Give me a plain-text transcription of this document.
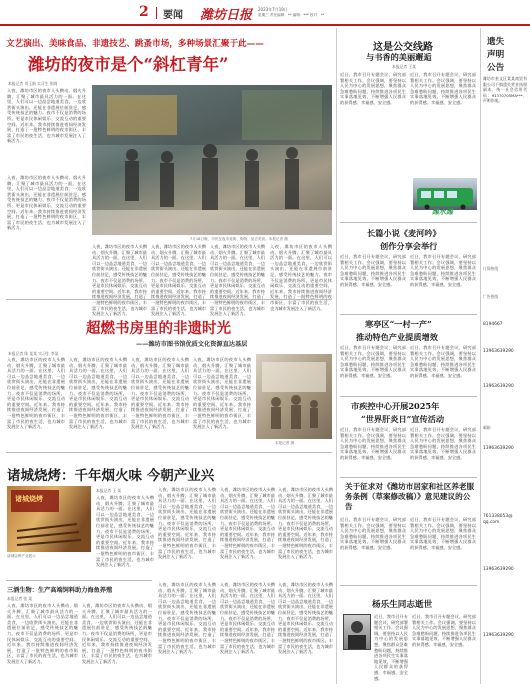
2 要闻 潍坊日报 2023年7月19日
星期三 责任编辑：** 编辑：*** 校对：**
文艺演出、美味食品、非遗技艺、跳蚤市场，多种场景汇聚于此——
潍坊的夜市是个“斜杠青年”
本报记者 刘玉娟 实习生 张晓
入夜，潍坊市区的夜市人头攒动、烟火升腾，汇聚了城市最具活力的一面。在这里，人们可以一边品尝地道美食，一边欣赏街头演出，还能在非遗展位前驻足，感受传统技艺的魅力。夜市不仅是消费的场所，更是市民休闲娱乐、交流互动的重要空间。近年来，我市持续推进夜间经济发展，打造了一批特色鲜明的夜市街区，丰富了市民的夜生活，也为城市发展注入了新活力。
入夜，潍坊市区的夜市人头攒动、烟火升腾，汇聚了城市最具活力的一面。在这里，人们可以一边品尝地道美食，一边欣赏街头演出，还能在非遗展位前驻足，感受传统技艺的魅力。夜市不仅是消费的场所，更是市民休闲娱乐、交流互动的重要空间。近年来，我市持续推进夜间经济发展，打造了一批特色鲜明的夜市街区，丰富了市民的夜生活，也为城市发展注入了新活力。
7月18日晚，市民在夜市逛街、购物、品尝美食。本报记者 摄
入夜，潍坊市区的夜市人头攒动、烟火升腾，汇聚了城市最具活力的一面。在这里，人们可以一边品尝地道美食，一边欣赏街头演出，还能在非遗展位前驻足，感受传统技艺的魅力。夜市不仅是消费的场所，更是市民休闲娱乐、交流互动的重要空间。近年来，我市持续推进夜间经济发展，打造了一批特色鲜明的夜市街区，丰富了市民的夜生活，也为城市发展注入了新活力。
入夜，潍坊市区的夜市人头攒动、烟火升腾，汇聚了城市最具活力的一面。在这里，人们可以一边品尝地道美食，一边欣赏街头演出，还能在非遗展位前驻足，感受传统技艺的魅力。夜市不仅是消费的场所，更是市民休闲娱乐、交流互动的重要空间。近年来，我市持续推进夜间经济发展，打造了一批特色鲜明的夜市街区，丰富了市民的夜生活，也为城市发展注入了新活力。
入夜，潍坊市区的夜市人头攒动、烟火升腾，汇聚了城市最具活力的一面。在这里，人们可以一边品尝地道美食，一边欣赏街头演出，还能在非遗展位前驻足，感受传统技艺的魅力。夜市不仅是消费的场所，更是市民休闲娱乐、交流互动的重要空间。近年来，我市持续推进夜间经济发展，打造了一批特色鲜明的夜市街区，丰富了市民的夜生活，也为城市发展注入了新活力。
入夜，潍坊市区的夜市人头攒动、烟火升腾，汇聚了城市最具活力的一面。在这里，人们可以一边品尝地道美食，一边欣赏街头演出，还能在非遗展位前驻足，感受传统技艺的魅力。夜市不仅是消费的场所，更是市民休闲娱乐、交流互动的重要空间。近年来，我市持续推进夜间经济发展，打造了一批特色鲜明的夜市街区，丰富了市民的夜生活，也为城市发展注入了新活力。
超燃书房里的非遗时光
——潍坊市图书馆优质文化资源直达基层
本报记者 陈 某某 实习生 李某
入夜，潍坊市区的夜市人头攒动、烟火升腾，汇聚了城市最具活力的一面。在这里，人们可以一边品尝地道美食，一边欣赏街头演出，还能在非遗展位前驻足，感受传统技艺的魅力。夜市不仅是消费的场所，更是市民休闲娱乐、交流互动的重要空间。近年来，我市持续推进夜间经济发展，打造了一批特色鲜明的夜市街区，丰富了市民的夜生活，也为城市发展注入了新活力。
入夜，潍坊市区的夜市人头攒动、烟火升腾，汇聚了城市最具活力的一面。在这里，人们可以一边品尝地道美食，一边欣赏街头演出，还能在非遗展位前驻足，感受传统技艺的魅力。夜市不仅是消费的场所，更是市民休闲娱乐、交流互动的重要空间。近年来，我市持续推进夜间经济发展，打造了一批特色鲜明的夜市街区，丰富了市民的夜生活，也为城市发展注入了新活力。
入夜，潍坊市区的夜市人头攒动、烟火升腾，汇聚了城市最具活力的一面。在这里，人们可以一边品尝地道美食，一边欣赏街头演出，还能在非遗展位前驻足，感受传统技艺的魅力。夜市不仅是消费的场所，更是市民休闲娱乐、交流互动的重要空间。近年来，我市持续推进夜间经济发展，打造了一批特色鲜明的夜市街区，丰富了市民的夜生活，也为城市发展注入了新活力。
入夜，潍坊市区的夜市人头攒动、烟火升腾，汇聚了城市最具活力的一面。在这里，人们可以一边品尝地道美食，一边欣赏街头演出，还能在非遗展位前驻足，感受传统技艺的魅力。夜市不仅是消费的场所，更是市民休闲娱乐、交流互动的重要空间。近年来，我市持续推进夜间经济发展，打造了一批特色鲜明的夜市街区，丰富了市民的夜生活，也为城市发展注入了新活力。
本报记者 摄
诸城烧烤：千年烟火味 今朝产业兴
诸城烧烤
诸城烧烤产业展示
本报记者 王 某
入夜，潍坊市区的夜市人头攒动、烟火升腾，汇聚了城市最具活力的一面。在这里，人们可以一边品尝地道美食，一边欣赏街头演出，还能在非遗展位前驻足，感受传统技艺的魅力。夜市不仅是消费的场所，更是市民休闲娱乐、交流互动的重要空间。近年来，我市持续推进夜间经济发展，打造了一批特色鲜明的夜市街区，丰富了市民的夜生活，也为城市发展注入了新活力。
入夜，潍坊市区的夜市人头攒动、烟火升腾，汇聚了城市最具活力的一面。在这里，人们可以一边品尝地道美食，一边欣赏街头演出，还能在非遗展位前驻足，感受传统技艺的魅力。夜市不仅是消费的场所，更是市民休闲娱乐、交流互动的重要空间。近年来，我市持续推进夜间经济发展，打造了一批特色鲜明的夜市街区，丰富了市民的夜生活，也为城市发展注入了新活力。
入夜，潍坊市区的夜市人头攒动、烟火升腾，汇聚了城市最具活力的一面。在这里，人们可以一边品尝地道美食，一边欣赏街头演出，还能在非遗展位前驻足，感受传统技艺的魅力。夜市不仅是消费的场所，更是市民休闲娱乐、交流互动的重要空间。近年来，我市持续推进夜间经济发展，打造了一批特色鲜明的夜市街区，丰富了市民的夜生活，也为城市发展注入了新活力。
入夜，潍坊市区的夜市人头攒动、烟火升腾，汇聚了城市最具活力的一面。在这里，人们可以一边品尝地道美食，一边欣赏街头演出，还能在非遗展位前驻足，感受传统技艺的魅力。夜市不仅是消费的场所，更是市民休闲娱乐、交流互动的重要空间。近年来，我市持续推进夜间经济发展，打造了一批特色鲜明的夜市街区，丰富了市民的夜生活，也为城市发展注入了新活力。
三酒生物：生产高端饲料助力海鱼养殖
本报记者 张 某
入夜，潍坊市区的夜市人头攒动、烟火升腾，汇聚了城市最具活力的一面。在这里，人们可以一边品尝地道美食，一边欣赏街头演出，还能在非遗展位前驻足，感受传统技艺的魅力。夜市不仅是消费的场所，更是市民休闲娱乐、交流互动的重要空间。近年来，我市持续推进夜间经济发展，打造了一批特色鲜明的夜市街区，丰富了市民的夜生活，也为城市发展注入了新活力。
入夜，潍坊市区的夜市人头攒动、烟火升腾，汇聚了城市最具活力的一面。在这里，人们可以一边品尝地道美食，一边欣赏街头演出，还能在非遗展位前驻足，感受传统技艺的魅力。夜市不仅是消费的场所，更是市民休闲娱乐、交流互动的重要空间。近年来，我市持续推进夜间经济发展，打造了一批特色鲜明的夜市街区，丰富了市民的夜生活，也为城市发展注入了新活力。
入夜，潍坊市区的夜市人头攒动、烟火升腾，汇聚了城市最具活力的一面。在这里，人们可以一边品尝地道美食，一边欣赏街头演出，还能在非遗展位前驻足，感受传统技艺的魅力。夜市不仅是消费的场所，更是市民休闲娱乐、交流互动的重要空间。近年来，我市持续推进夜间经济发展，打造了一批特色鲜明的夜市街区，丰富了市民的夜生活，也为城市发展注入了新活力。
入夜，潍坊市区的夜市人头攒动、烟火升腾，汇聚了城市最具活力的一面。在这里，人们可以一边品尝地道美食，一边欣赏街头演出，还能在非遗展位前驻足，感受传统技艺的魅力。夜市不仅是消费的场所，更是市民休闲娱乐、交流互动的重要空间。近年来，我市持续推进夜间经济发展，打造了一批特色鲜明的夜市街区，丰富了市民的夜生活，也为城市发展注入了新活力。
入夜，潍坊市区的夜市人头攒动、烟火升腾，汇聚了城市最具活力的一面。在这里，人们可以一边品尝地道美食，一边欣赏街头演出，还能在非遗展位前驻足，感受传统技艺的魅力。夜市不仅是消费的场所，更是市民休闲娱乐、交流互动的重要空间。近年来，我市持续推进夜间经济发展，打造了一批特色鲜明的夜市街区，丰富了市民的夜生活，也为城市发展注入了新活力。
这是公交线路
与书香的美丽邂逅
本报记者 王某
近日，我市召开专题会议，研究部署相关工作。会议强调，要坚持以人民为中心的发展思想，聚焦群众急难愁盼问题，持续推进各项民生实事落地见效，不断增强人民群众的获得感、幸福感、安全感。
近日，我市召开专题会议，研究部署相关工作。会议强调，要坚持以人民为中心的发展思想，聚焦群众急难愁盼问题，持续推进各项民生实事落地见效，不断增强人民群众的获得感、幸福感、安全感。
潍水潍
长篇小说《麦河吟》
创作分享会举行
近日，我市召开专题会议，研究部署相关工作。会议强调，要坚持以人民为中心的发展思想，聚焦群众急难愁盼问题，持续推进各项民生实事落地见效，不断增强人民群众的获得感、幸福感、安全感。
近日，我市召开专题会议，研究部署相关工作。会议强调，要坚持以人民为中心的发展思想，聚焦群众急难愁盼问题，持续推进各项民生实事落地见效，不断增强人民群众的获得感、幸福感、安全感。
寒亭区“一村一产”
推动特色产业提质增效
近日，我市召开专题会议，研究部署相关工作。会议强调，要坚持以人民为中心的发展思想，聚焦群众急难愁盼问题，持续推进各项民生实事落地见效，不断增强人民群众的获得感、幸福感、安全感。
近日，我市召开专题会议，研究部署相关工作。会议强调，要坚持以人民为中心的发展思想，聚焦群众急难愁盼问题，持续推进各项民生实事落地见效，不断增强人民群众的获得感、幸福感、安全感。
市疾控中心开展2025年
“世界肝炎日”宣传活动
近日，我市召开专题会议，研究部署相关工作。会议强调，要坚持以人民为中心的发展思想，聚焦群众急难愁盼问题，持续推进各项民生实事落地见效，不断增强人民群众的获得感、幸福感、安全感。
近日，我市召开专题会议，研究部署相关工作。会议强调，要坚持以人民为中心的发展思想，聚焦群众急难愁盼问题，持续推进各项民生实事落地见效，不断增强人民群众的获得感、幸福感、安全感。
关于征求对《潍坊市居家和社区养老服务条例（草案修改稿）》意见建议的公告
近日，我市召开专题会议，研究部署相关工作。会议强调，要坚持以人民为中心的发展思想，聚焦群众急难愁盼问题，持续推进各项民生实事落地见效，不断增强人民群众的获得感、幸福感、安全感。
近日，我市召开专题会议，研究部署相关工作。会议强调，要坚持以人民为中心的发展思想，聚焦群众急难愁盼问题，持续推进各项民生实事落地见效，不断增强人民群众的获得感、幸福感、安全感。
杨乐生同志逝世
近日，我市召开专题会议，研究部署相关工作。会议强调，要坚持以人民为中心的发展思想，聚焦群众急难愁盼问题，持续推进各项民生实事落地见效，不断增强人民群众的获得感、幸福感、安全感。
近日，我市召开专题会议，研究部署相关工作。会议强调，要坚持以人民为中心的发展思想，聚焦群众急难愁盼问题，持续推进各项民生实事落地见效，不断增强人民群众的获得感、幸福感、安全感。
遗失
声明
公告
潍坊市奎文区某某商贸有限公司不慎遗失营业执照副本，统一社会信用代码：91370705MA***，声明作废。
订阅热线
广告热线
8194667
13963639290
13963639290
邮箱
13963639290
761338053@
qq.com
13963639290
13963639290
